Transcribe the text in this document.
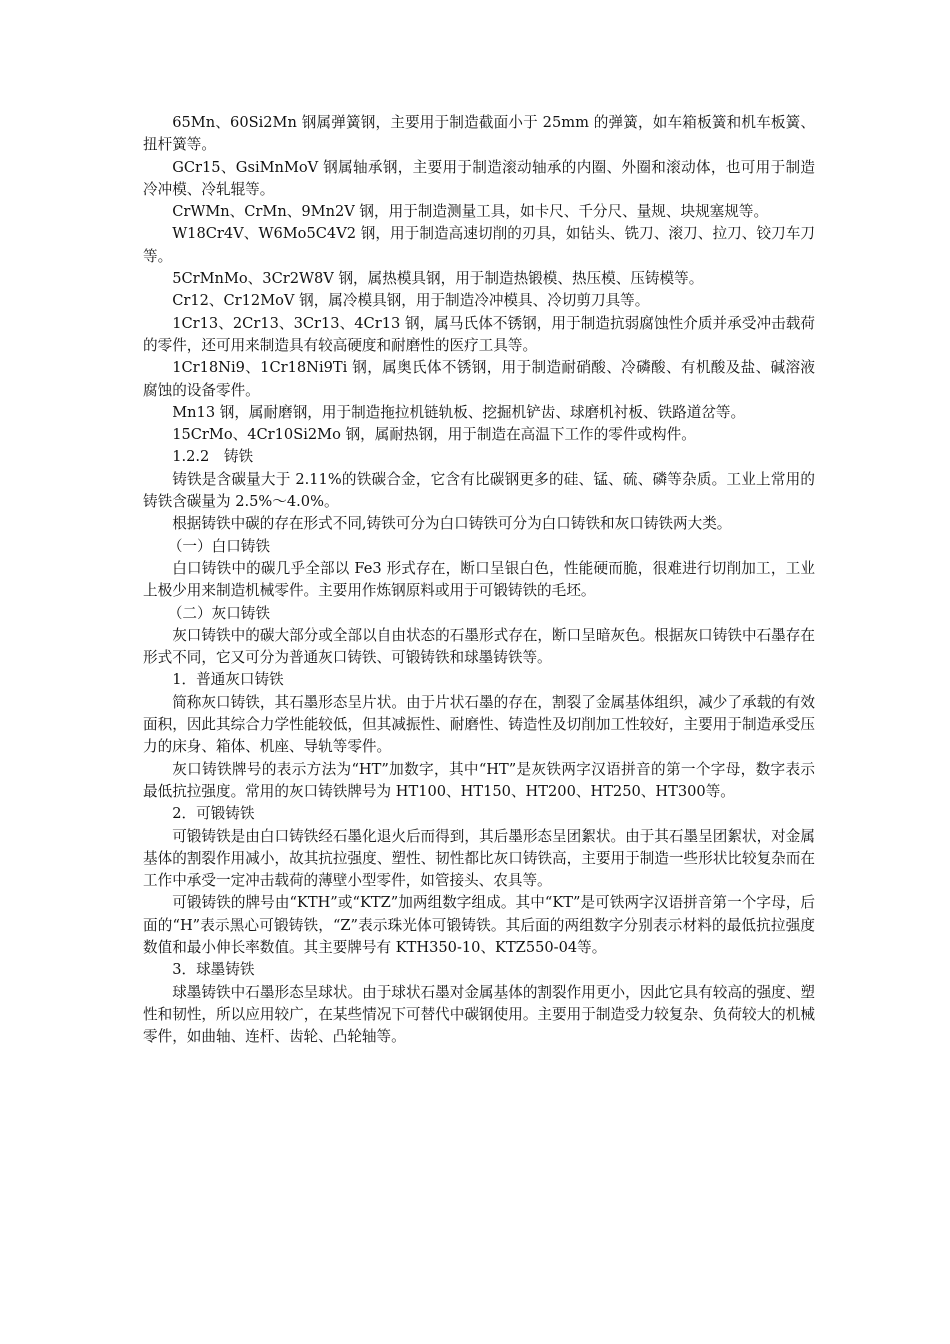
65Mn、60Si2Mn 钢属弹簧钢，主要用于制造截面小于 25mm 的弹簧，如车箱板簧和机车板簧、扭杆簧等。

GCr15、GsiMnMoV 钢属轴承钢，主要用于制造滚动轴承的内圈、外圈和滚动体，也可用于制造冷冲模、冷轧辊等。

CrWMn、CrMn、9Mn2V 钢，用于制造测量工具，如卡尺、千分尺、量规、块规塞规等。

W18Cr4V、W6Mo5C4V2 钢，用于制造高速切削的刃具，如钻头、铣刀、滚刀、拉刀、铰刀车刀等。

5CrMnMo、3Cr2W8V 钢，属热模具钢，用于制造热锻模、热压模、压铸模等。

Cr12、Cr12MoV 钢，属冷模具钢，用于制造冷冲模具、冷切剪刀具等。

1Cr13、2Cr13、3Cr13、4Cr13 钢，属马氏体不锈钢，用于制造抗弱腐蚀性介质并承受冲击载荷的零件，还可用来制造具有较高硬度和耐磨性的医疗工具等。

1Cr18Ni9、1Cr18Ni9Ti 钢，属奥氏体不锈钢，用于制造耐硝酸、冷磷酸、有机酸及盐、碱溶液腐蚀的设备零件。

Mn13 钢，属耐磨钢，用于制造拖拉机链轨板、挖掘机铲齿、球磨机衬板、铁路道岔等。

15CrMo、4Cr10Si2Mo 钢，属耐热钢，用于制造在高温下工作的零件或构件。

1.2.2　铸铁

铸铁是含碳量大于 2.11%的铁碳合金，它含有比碳钢更多的硅、锰、硫、磷等杂质。工业上常用的铸铁含碳量为 2.5%～4.0%。

根据铸铁中碳的存在形式不同,铸铁可分为白口铸铁可分为白口铸铁和灰口铸铁两大类。

（一）白口铸铁

白口铸铁中的碳几乎全部以 Fe3 形式存在，断口呈银白色，性能硬而脆，很难进行切削加工，工业上极少用来制造机械零件。主要用作炼钢原料或用于可锻铸铁的毛坯。

（二）灰口铸铁

灰口铸铁中的碳大部分或全部以自由状态的石墨形式存在，断口呈暗灰色。根据灰口铸铁中石墨存在形式不同，它又可分为普通灰口铸铁、可锻铸铁和球墨铸铁等。

1．普通灰口铸铁

简称灰口铸铁，其石墨形态呈片状。由于片状石墨的存在，割裂了金属基体组织，减少了承载的有效面积，因此其综合力学性能较低，但其减振性、耐磨性、铸造性及切削加工性较好，主要用于制造承受压力的床身、箱体、机座、导轨等零件。

灰口铸铁牌号的表示方法为“HT”加数字，其中“HT”是灰铁两字汉语拼音的第一个字母，数字表示最低抗拉强度。常用的灰口铸铁牌号为 HT100、HT150、HT200、HT250、HT300等。

2．可锻铸铁

可锻铸铁是由白口铸铁经石墨化退火后而得到，其后墨形态呈团絮状。由于其石墨呈团絮状，对金属基体的割裂作用减小，故其抗拉强度、塑性、韧性都比灰口铸铁高，主要用于制造一些形状比较复杂而在工作中承受一定冲击载荷的薄壁小型零件，如管接头、农具等。

可锻铸铁的牌号由“KTH”或“KTZ”加两组数字组成。其中“KT”是可铁两字汉语拼音第一个字母，后面的“H”表示黑心可锻铸铁，“Z”表示珠光体可锻铸铁。其后面的两组数字分别表示材料的最低抗拉强度数值和最小伸长率数值。其主要牌号有 KTH350-10、KTZ550-04等。

3．球墨铸铁

球墨铸铁中石墨形态呈球状。由于球状石墨对金属基体的割裂作用更小，因此它具有较高的强度、塑性和韧性，所以应用较广，在某些情况下可替代中碳钢使用。主要用于制造受力较复杂、负荷较大的机械零件，如曲轴、连杆、齿轮、凸轮轴等。
